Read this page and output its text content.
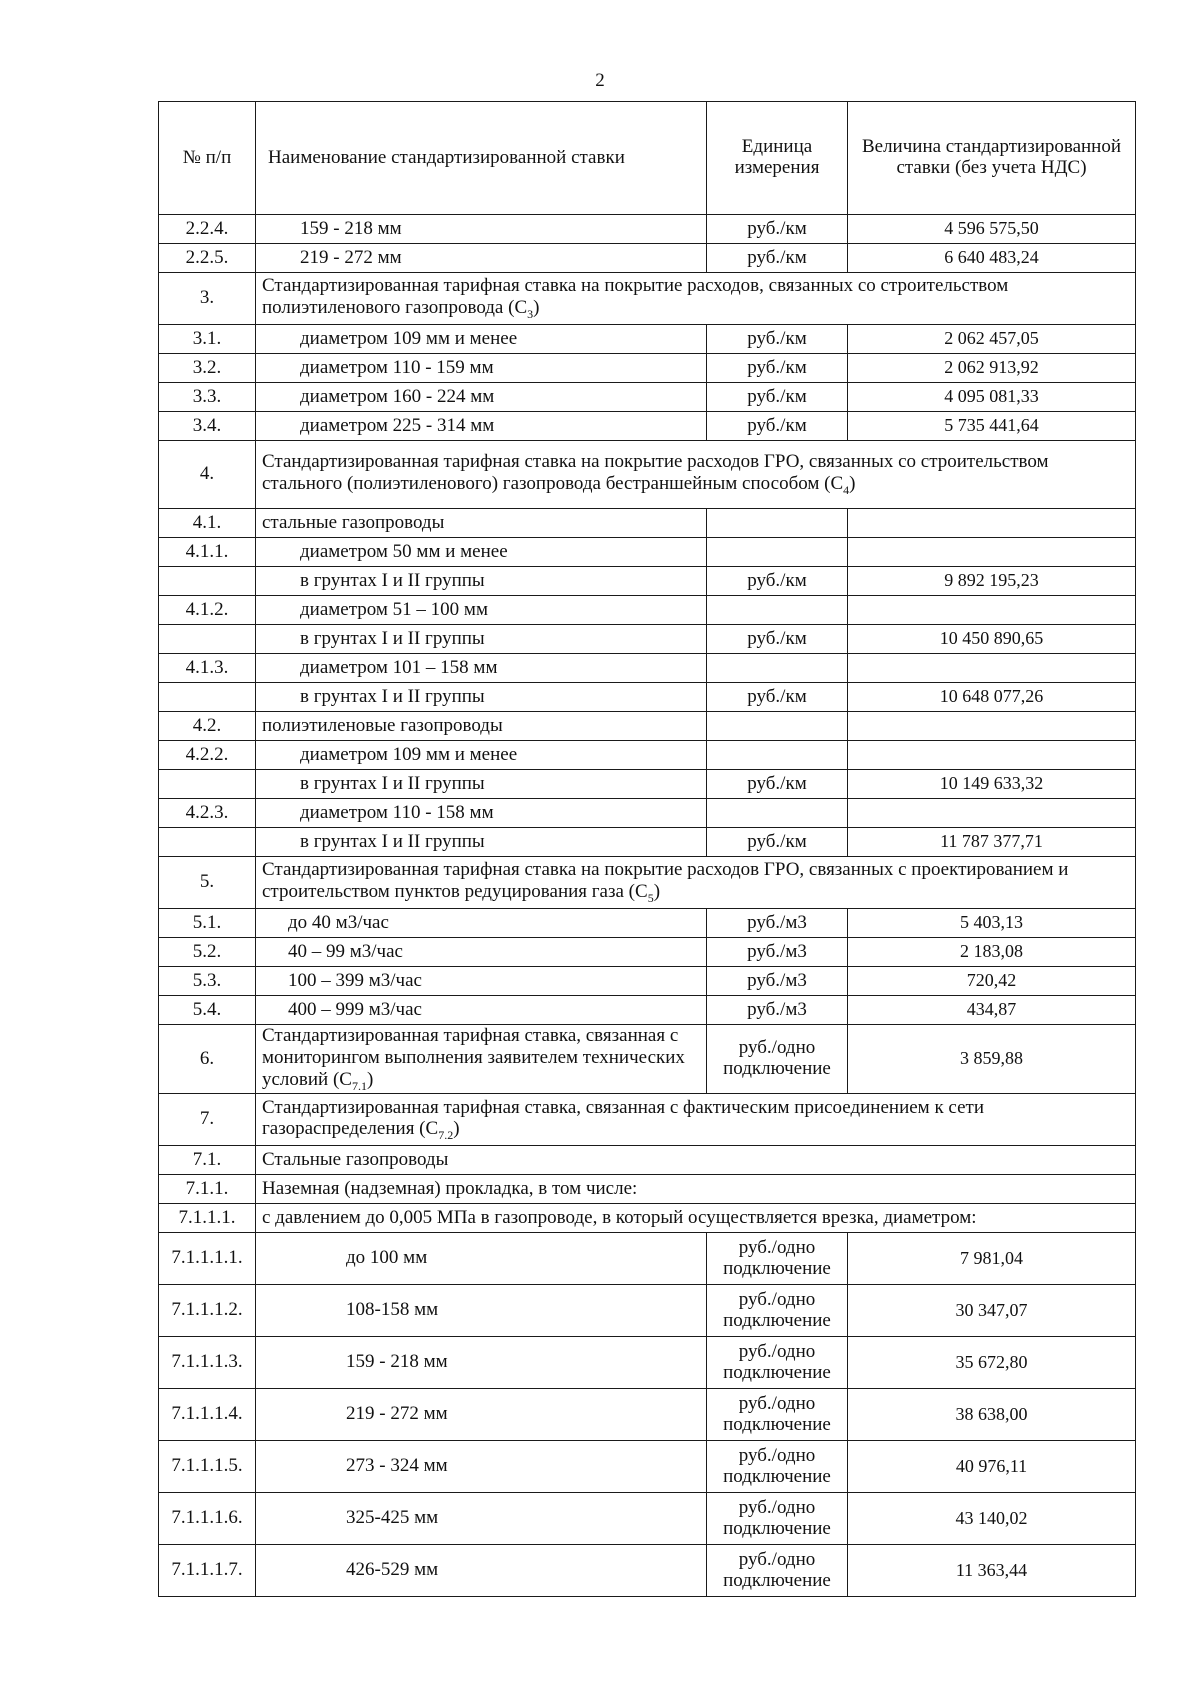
2
№ п/п	Наименование стандартизированной ставки	Единица измерения	Величина стандартизированной ставки (без учета НДС)
2.2.4.	159 - 218 мм	руб./км	4 596 575,50
2.2.5.	219 - 272 мм	руб./км	6 640 483,24
3.	Стандартизированная тарифная ставка на покрытие расходов, связанных со строительством полиэтиленового газопровода $(С_3)$		
3.1.	диаметром 109 мм и менее	руб./км	2 062 457,05
3.2.	диаметром 110 - 159 мм	руб./км	2 062 913,92
3.3.	диаметром 160 - 224 мм	руб./км	4 095 081,33
3.4.	диаметром 225 - 314 мм	руб./км	5 735 441,64
4.	Стандартизированная тарифная ставка на покрытие расходов ГРО, связанных со строительством стального (полиэтиленового) газопровода бестраншейным способом $(С_4)$		
4.1.	стальные газопроводы		
4.1.1.	диаметром 50 мм и менее		
	в грунтах I и II группы	руб./км	9 892 195,23
4.1.2.	диаметром 51 – 100 мм		
	в грунтах I и II группы	руб./км	10 450 890,65
4.1.3.	диаметром 101 – 158 мм		
	в грунтах I и II группы	руб./км	10 648 077,26
4.2.	полиэтиленовые газопроводы		
4.2.2.	диаметром 109 мм и менее		
	в грунтах I и II группы	руб./км	10 149 633,32
4.2.3.	диаметром 110 - 158 мм		
	в грунтах I и II группы	руб./км	11 787 377,71
5.	Стандартизированная тарифная ставка на покрытие расходов ГРО, связанных с проектированием и строительством пунктов редуцирования газа $(С_5)$		
5.1.	до 40 м3/час	руб./м3	5 403,13
5.2.	40 – 99 м3/час	руб./м3	2 183,08
5.3.	100 – 399 м3/час	руб./м3	720,42
5.4.	400 – 999 м3/час	руб./м3	434,87
6.	Стандартизированная тарифная ставка, связанная с мониторингом выполнения заявителем технических условий $(С_{7.1})$	руб./одно подключение	3 859,88
7.	Стандартизированная тарифная ставка, связанная с фактическим присоединением к сети газораспределения $(С_{7.2})$		
7.1.	Стальные газопроводы		
7.1.1.	Наземная (надземная) прокладка, в том числе:		
7.1.1.1.	с давлением до 0,005 МПа в газопроводе, в который осуществляется врезка, диаметром:		
7.1.1.1.1.	до 100 мм	руб./одно подключение	7 981,04
7.1.1.1.2.	108-158 мм	руб./одно подключение	30 347,07
7.1.1.1.3.	159 - 218 мм	руб./одно подключение	35 672,80
7.1.1.1.4.	219 - 272 мм	руб./одно подключение	38 638,00
7.1.1.1.5.	273 - 324 мм	руб./одно подключение	40 976,11
7.1.1.1.6.	325-425 мм	руб./одно подключение	43 140,02
7.1.1.1.7.	426-529 мм	руб./одно подключение	11 363,44
